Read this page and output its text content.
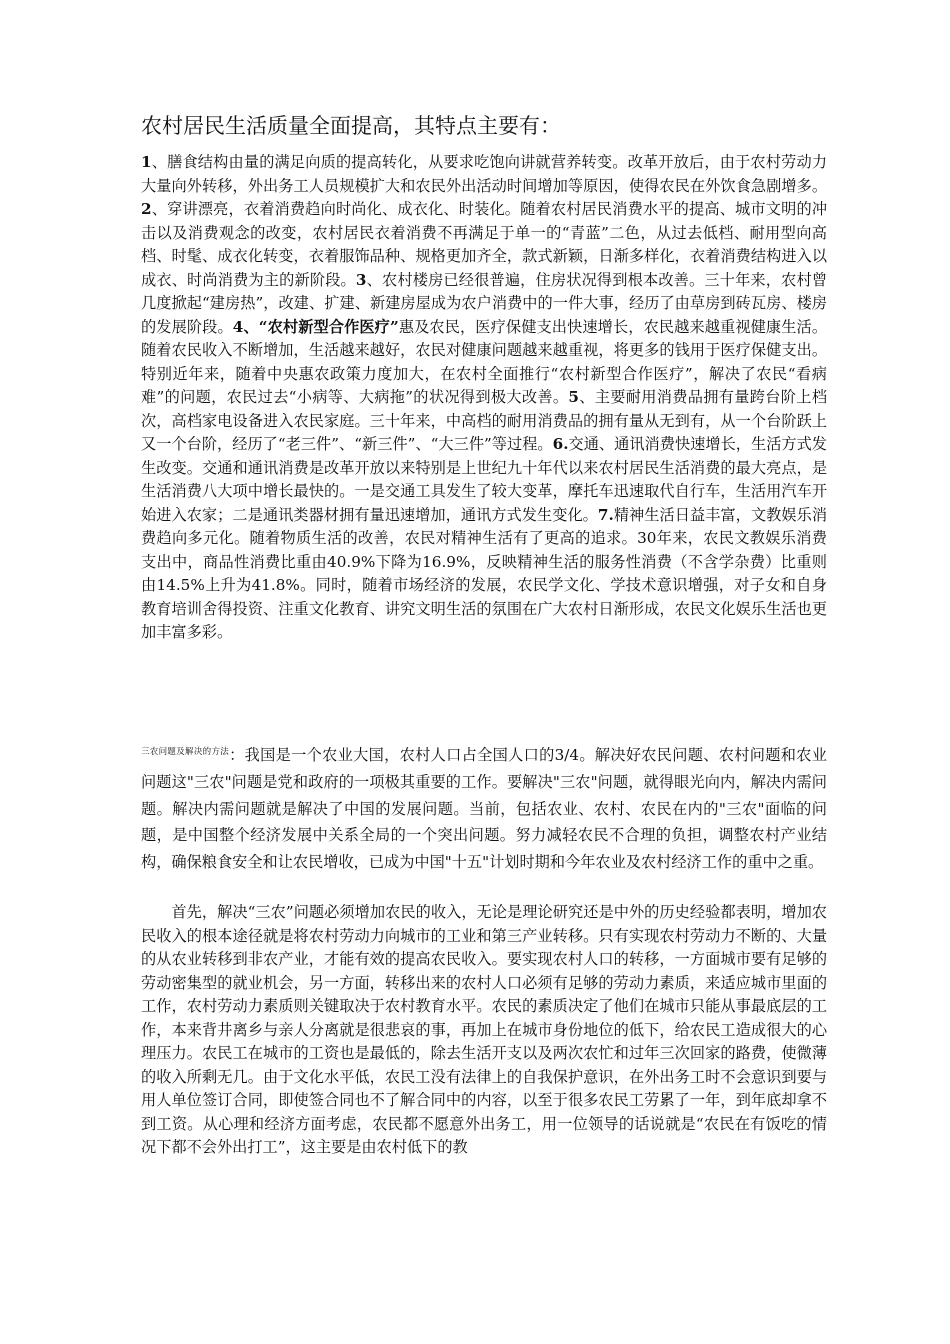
农村居民生活质量全面提高，其特点主要有：
1、膳食结构由量的满足向质的提高转化，从要求吃饱向讲就营养转变。改革开放后，由于农村劳动力大量向外转移，外出务工人员规模扩大和农民外出活动时间增加等原因，使得农民在外饮食急剧增多。2、穿讲漂亮，衣着消费趋向时尚化、成衣化、时装化。随着农村居民消费水平的提高、城市文明的冲击以及消费观念的改变，农村居民衣着消费不再满足于单一的“青蓝”二色，从过去低档、耐用型向高档、时髦、成衣化转变，衣着服饰品种、规格更加齐全，款式新颖，日渐多样化，衣着消费结构进入以成衣、时尚消费为主的新阶段。3、农村楼房已经很普遍，住房状况得到根本改善。三十年来，农村曾几度掀起“建房热”，改建、扩建、新建房屋成为农户消费中的一件大事，经历了由草房到砖瓦房、楼房的发展阶段。4、“农村新型合作医疗”惠及农民，医疗保健支出快速增长，农民越来越重视健康生活。随着农民收入不断增加，生活越来越好，农民对健康问题越来越重视，将更多的钱用于医疗保健支出。特别近年来，随着中央惠农政策力度加大，在农村全面推行“农村新型合作医疗”，解决了农民“看病难”的问题，农民过去“小病等、大病拖”的状况得到极大改善。5、主要耐用消费品拥有量跨台阶上档次，高档家电设备进入农民家庭。三十年来，中高档的耐用消费品的拥有量从无到有，从一个台阶跃上又一个台阶，经历了“老三件”、“新三件”、“大三件”等过程。6.交通、通讯消费快速增长，生活方式发生改变。交通和通讯消费是改革开放以来特别是上世纪九十年代以来农村居民生活消费的最大亮点，是生活消费八大项中增长最快的。一是交通工具发生了较大变革，摩托车迅速取代自行车，生活用汽车开始进入农家；二是通讯类器材拥有量迅速增加，通讯方式发生变化。7.精神生活日益丰富，文教娱乐消费趋向多元化。随着物质生活的改善，农民对精神生活有了更高的追求。30年来，农民文教娱乐消费支出中，商品性消费比重由40.9%下降为16.9%，反映精神生活的服务性消费（不含学杂费）比重则由14.5%上升为41.8%。同时，随着市场经济的发展，农民学文化、学技术意识增强，对子女和自身教育培训舍得投资、注重文化教育、讲究文明生活的氛围在广大农村日渐形成，农民文化娱乐生活也更加丰富多彩。
$^{三农问题及解决的方法}$：我国是一个农业大国，农村人口占全国人口的3/4。解决好农民问题、农村问题和农业问题这"三农"问题是党和政府的一项极其重要的工作。要解决"三农"问题，就得眼光向内，解决内需问题。解决内需问题就是解决了中国的发展问题。当前，包括农业、农村、农民在内的"三农"面临的问题，是中国整个经济发展中关系全局的一个突出问题。努力减轻农民不合理的负担，调整农村产业结构，确保粮食安全和让农民增收，已成为中国"十五"计划时期和今年农业及农村经济工作的重中之重。
首先，解决“三农”问题必须增加农民的收入，无论是理论研究还是中外的历史经验都表明，增加农民收入的根本途径就是将农村劳动力向城市的工业和第三产业转移。只有实现农村劳动力不断的、大量的从农业转移到非农产业，才能有效的提高农民收入。要实现农村人口的转移，一方面城市要有足够的劳动密集型的就业机会，另一方面，转移出来的农村人口必须有足够的劳动力素质，来适应城市里面的工作，农村劳动力素质则关键取决于农村教育水平。农民的素质决定了他们在城市只能从事最底层的工作，本来背井离乡与亲人分离就是很悲哀的事，再加上在城市身份地位的低下，给农民工造成很大的心理压力。农民工在城市的工资也是最低的，除去生活开支以及两次农忙和过年三次回家的路费，使微薄的收入所剩无几。由于文化水平低，农民工没有法律上的自我保护意识，在外出务工时不会意识到要与用人单位签订合同，即使签合同也不了解合同中的内容，以至于很多农民工劳累了一年，到年底却拿不到工资。从心理和经济方面考虑，农民都不愿意外出务工，用一位领导的话说就是“农民在有饭吃的情况下都不会外出打工”，这主要是由农村低下的教
